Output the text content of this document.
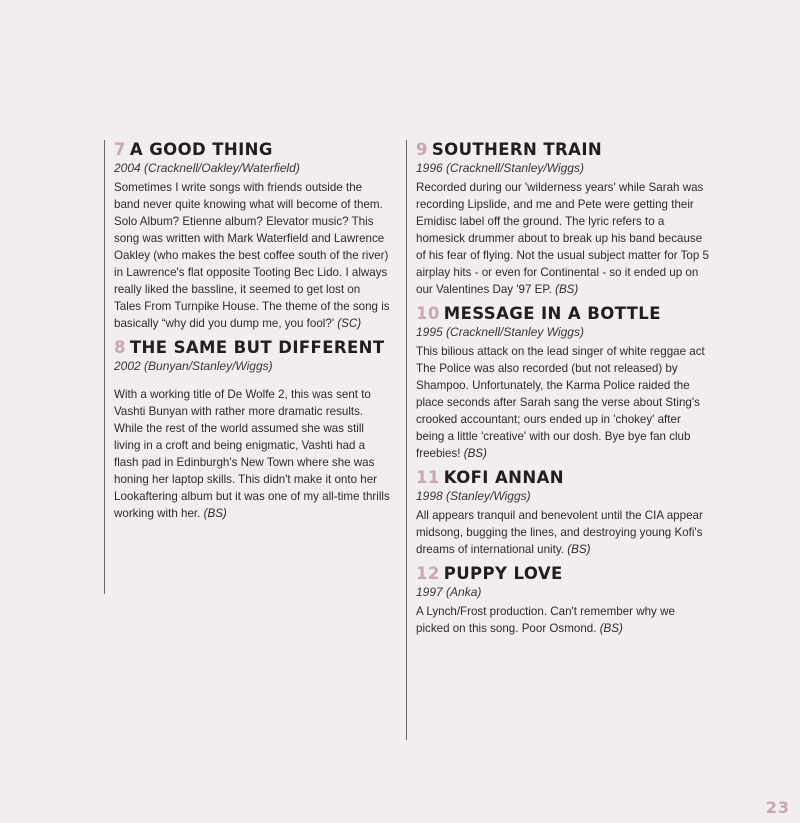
7 A GOOD THING
2004 (Cracknell/Oakley/Waterfield)

Sometimes I write songs with friends outside the band never quite knowing what will become of them. Solo Album? Etienne album? Elevator music? This song was written with Mark Waterfield and Lawrence Oakley (who makes the best coffee south of the river) in Lawrence's flat opposite Tooting Bec Lido. I always really liked the bassline, it seemed to get lost on Tales From Turnpike House. The theme of the song is basically “why did you dump me, you fool?' (SC)

8 THE SAME BUT DIFFERENT
2002 (Bunyan/Stanley/Wiggs)

With a working title of De Wolfe 2, this was sent to Vashti Bunyan with rather more dramatic results. While the rest of the world assumed she was still living in a croft and being enigmatic, Vashti had a flash pad in Edinburgh's New Town where she was honing her laptop skills. This didn't make it onto her Lookaftering album but it was one of my all-time thrills working with her. (BS)

9 SOUTHERN TRAIN
1996 (Cracknell/Stanley/Wiggs)

Recorded during our 'wilderness years' while Sarah was recording Lipslide, and me and Pete were getting their Emidisc label off the ground. The lyric refers to a homesick drummer about to break up his band because of his fear of flying. Not the usual subject matter for Top 5 airplay hits - or even for Continental - so it ended up on our Valentines Day '97 EP. (BS)

10 MESSAGE IN A BOTTLE
1995 (Cracknell/Stanley Wiggs)

This bilious attack on the lead singer of white reggae act The Police was also recorded (but not released) by Shampoo. Unfortunately, the Karma Police raided the place seconds after Sarah sang the verse about Sting's crooked accountant; ours ended up in 'chokey' after being a little 'creative' with our dosh. Bye bye fan club freebies! (BS)

11 KOFI ANNAN
1998 (Stanley/Wiggs)

All appears tranquil and benevolent until the CIA appear midsong, bugging the lines, and destroying young Kofi's dreams of international unity. (BS)

12 PUPPY LOVE
1997 (Anka)

A Lynch/Frost production. Can't remember why we picked on this song. Poor Osmond. (BS)

23
